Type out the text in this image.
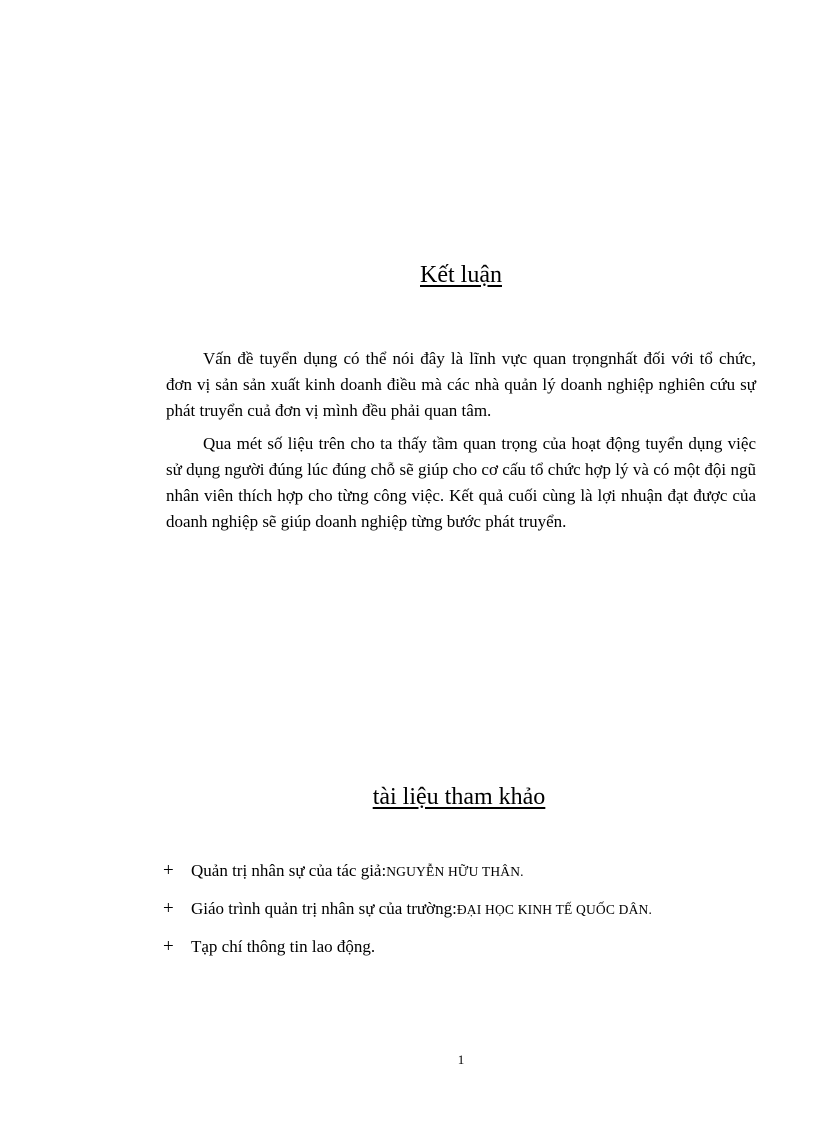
Kết luận

Vấn đề tuyển dụng có thể nói đây là lĩnh vực quan trọngnhất đối với tổ chức, đơn vị sản sản xuất kinh doanh điều mà các nhà quản lý doanh nghiệp nghiên cứu sự phát truyển cuả đơn vị mình đều phải quan tâm.

Qua mét số liệu trên cho ta thấy tầm quan trọng của hoạt động tuyển dụng việc sử dụng người đúng lúc đúng chỗ sẽ giúp cho cơ cấu tổ chức hợp lý và có một đội ngũ nhân viên thích hợp cho từng công việc. Kết quả cuối cùng là lợi nhuận đạt được của doanh nghiệp sẽ giúp doanh nghiệp từng bước phát truyển.

tài liệu tham khảo
+	Quản trị nhân sự của tác giả: NGUYỄN HỮU THÂN.
+	Giáo trình quản trị nhân sự của trường: ĐẠI HỌC KINH TẾ QUỐC DÂN.
+	Tạp chí thông tin lao động.
1
